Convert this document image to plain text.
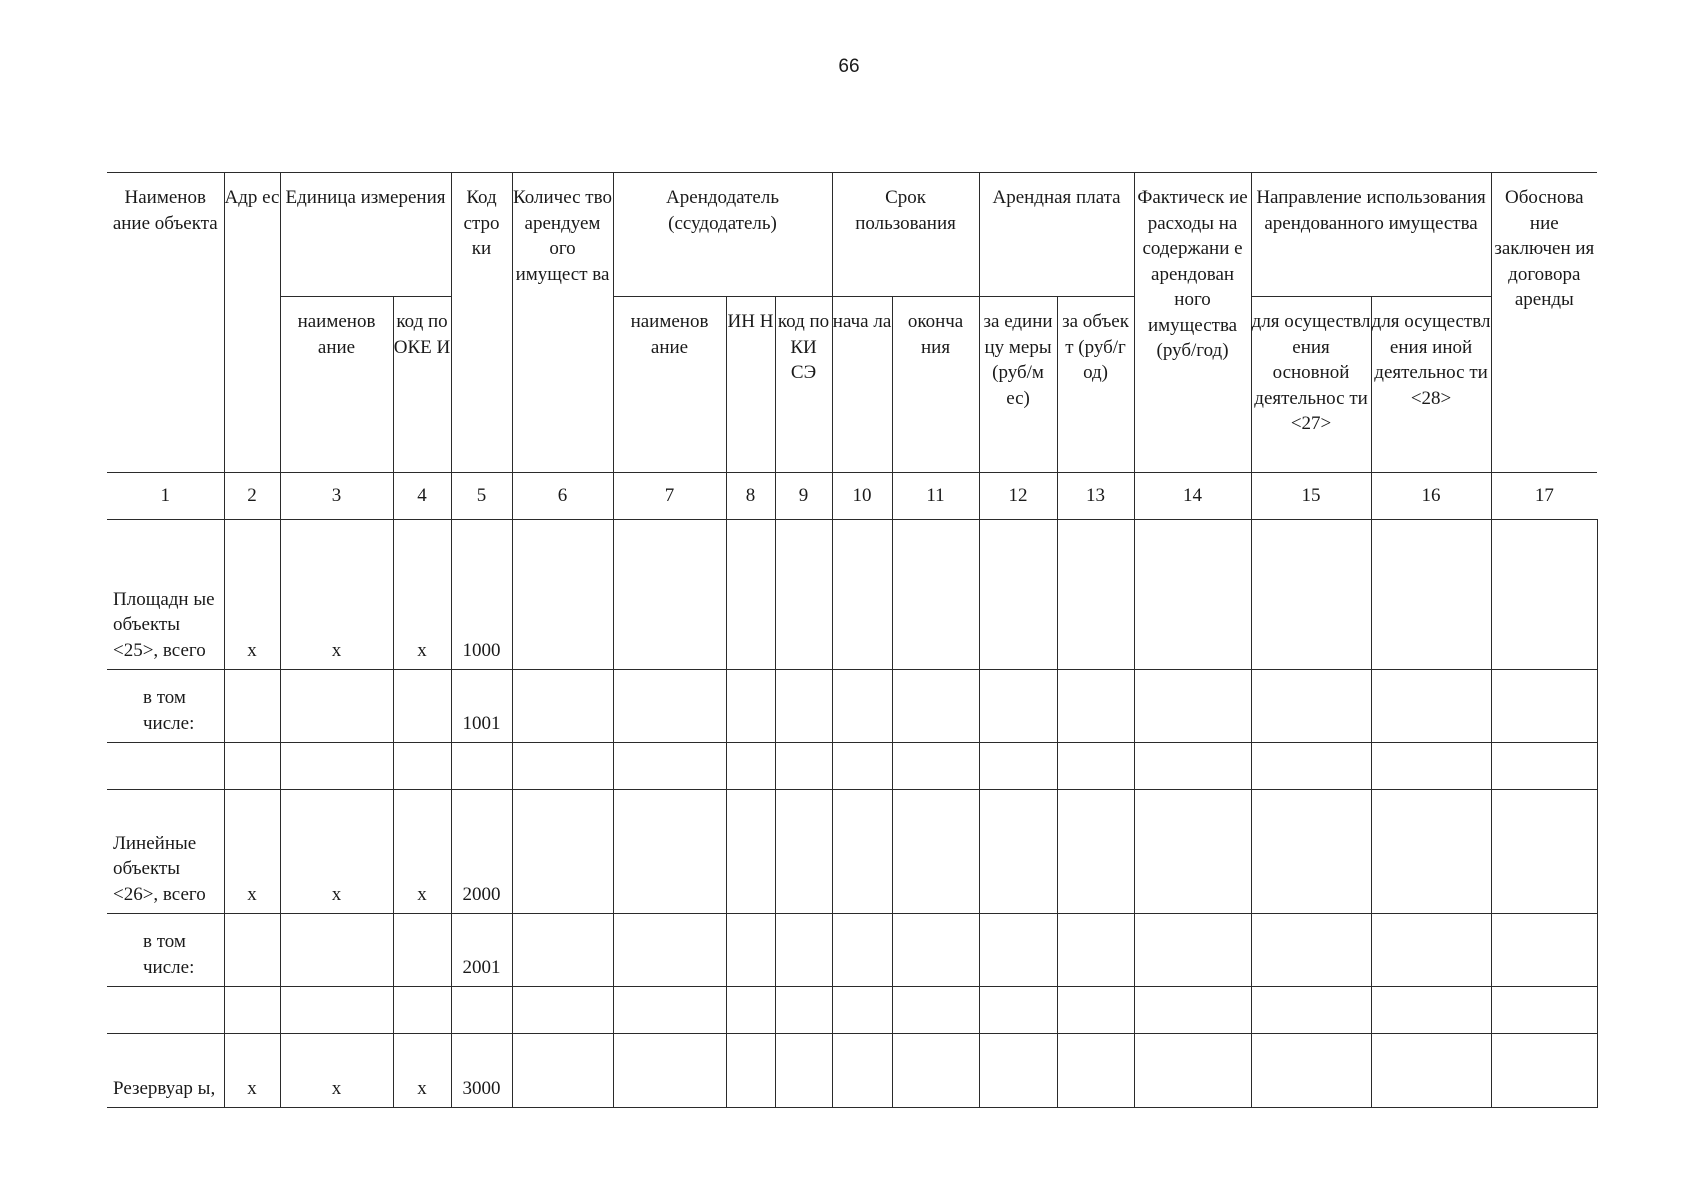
66
Наименов ание объекта	Адр ес	Единица измерения		Код стро ки	Количес тво арендуем ого имущест ва	Арендодатель (ссудодатель)			Срок пользования		Арендная плата		Фактическ ие расходы на содержани е арендован ного имущества (руб/год)	Направление использования арендованного имущества		Обоснова ние заключен ия договора аренды
		наименов ание	код по ОКЕ И			наименов ание	ИН Н	код по КИ СЭ	нача ла	оконча ния	за едини цу меры (руб/м ес)	за объек т (руб/г од)		для осуществл ения основной деятельнос ти <27>	для осуществл ения иной деятельнос ти <28>	
1	2	3	4	5	6	7	8	9	10	11	12	13	14	15	16	17
Площадн ые объекты <25>, всего	х	х	х	1000												
в том числе:				1001												

Линейные объекты <26>, всего	х	х	х	2000												
в том числе:				2001												

Резервуар ы,	х	х	х	3000												
